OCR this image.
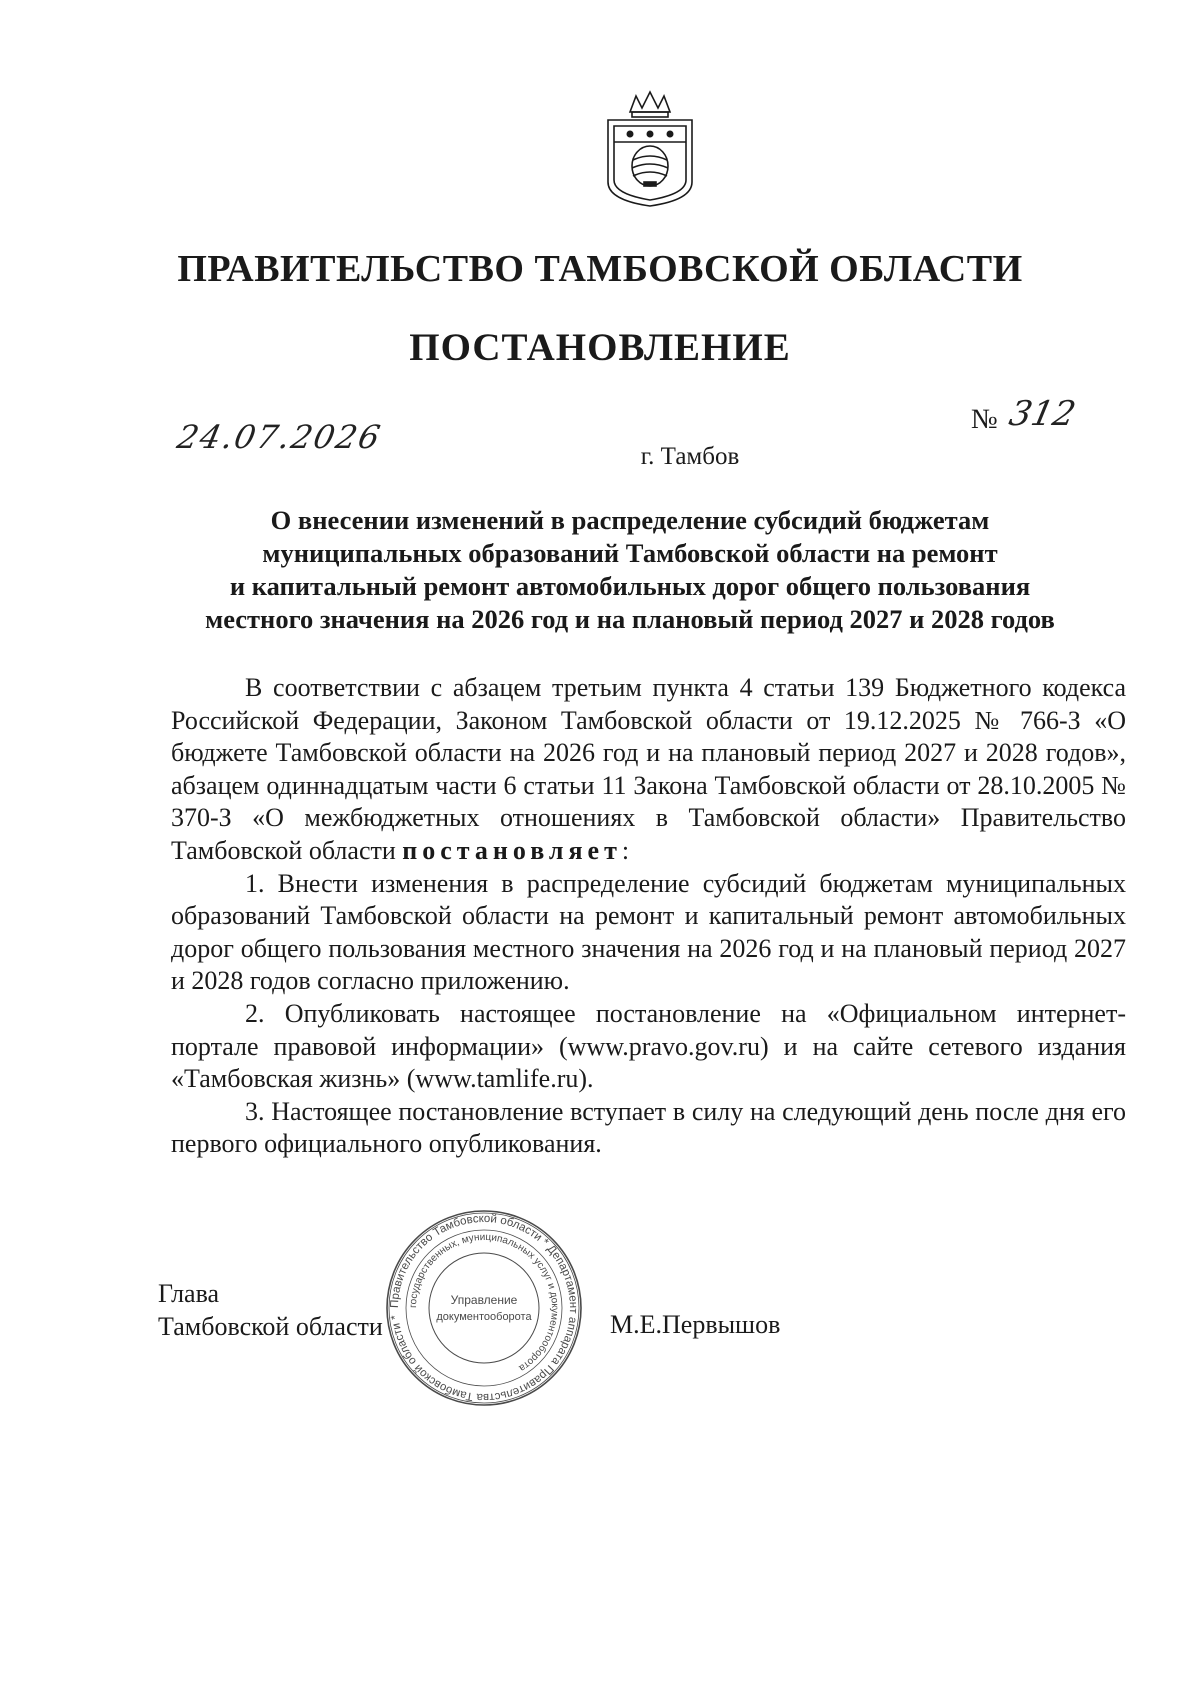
ПРАВИТЕЛЬСТВО ТАМБОВСКОЙ ОБЛАСТИ
ПОСТАНОВЛЕНИЕ
24.07.2026	№ 312
г. Тамбов
О внесении изменений в распределение субсидий бюджетам
муниципальных образований Тамбовской области на ремонт
и капитальный ремонт автомобильных дорог общего пользования
местного значения на 2026 год и на плановый период 2027 и 2028 годов

В соответствии с абзацем третьим пункта 4 статьи 139 Бюджетного кодекса Российской Федерации, Законом Тамбовской области от 19.12.2025 № 766-З «О бюджете Тамбовской области на 2026 год и на плановый период 2027 и 2028 годов», абзацем одиннадцатым части 6 статьи 11 Закона Тамбовской области от 28.10.2005 № 370-З «О межбюджетных отношениях в Тамбовской области» Правительство Тамбовской области постановляет:

1. Внести изменения в распределение субсидий бюджетам муниципальных образований Тамбовской области на ремонт и капитальный ремонт автомобильных дорог общего пользования местного значения на 2026 год и на плановый период 2027 и 2028 годов согласно приложению.

2. Опубликовать настоящее постановление на «Официальном интернет-портале правовой информации» (www.pravo.gov.ru) и на сайте сетевого издания «Тамбовская жизнь» (www.tamlife.ru).

3. Настоящее постановление вступает в силу на следующий день после дня его первого официального опубликования.

Глава
Тамбовской области	М.Е.Первышов
Правительство Тамбовской области * Департамент аппарата Правительства Тамбовской области *
государственных, муниципальных услуг и документооборота
Управление
документооборота
